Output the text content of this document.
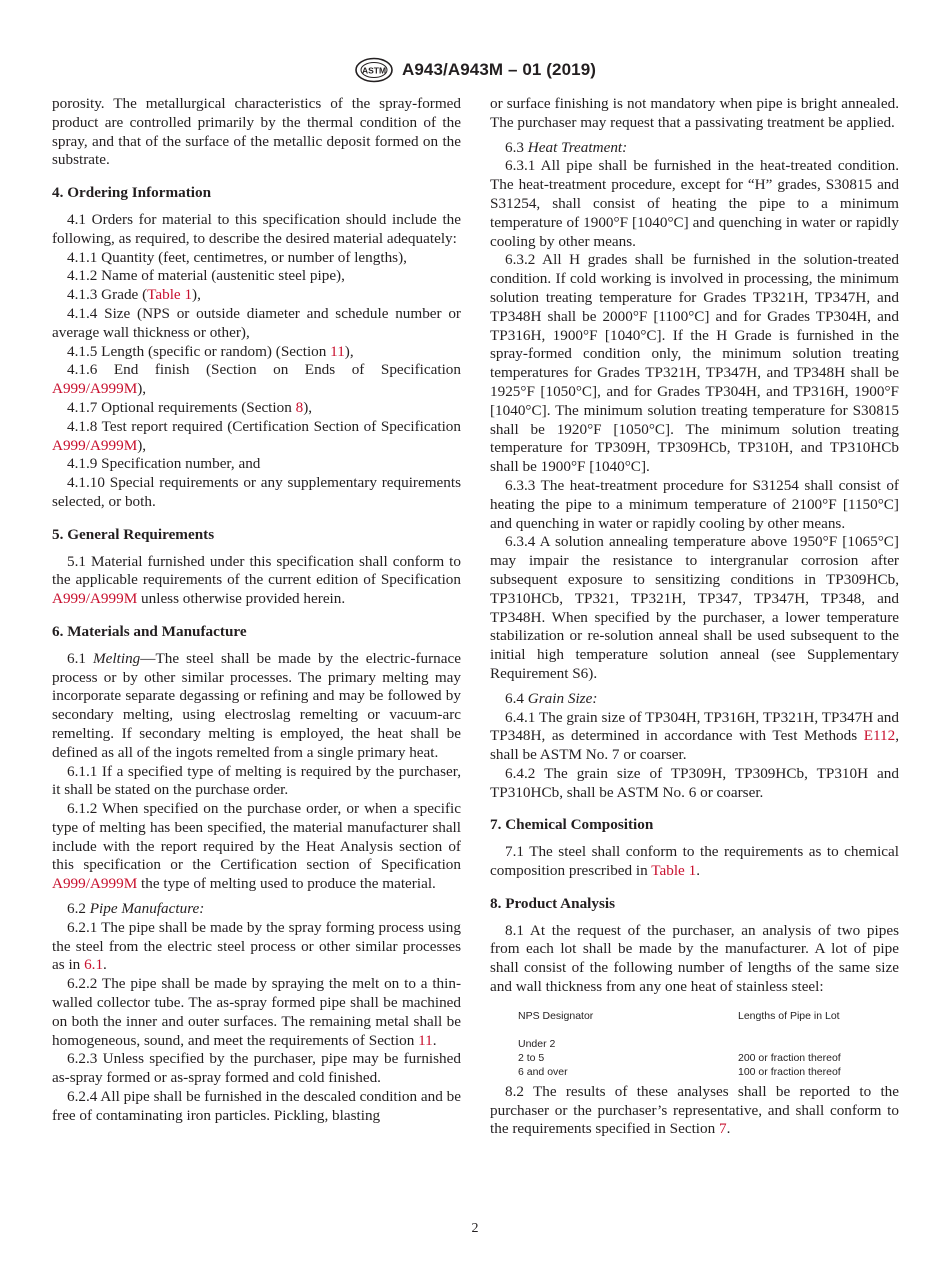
ASTM A943/A943M – 01 (2019)

porosity. The metallurgical characteristics of the spray-formed product are controlled primarily by the thermal condition of the spray, and that of the surface of the metallic deposit formed on the substrate.

4. Ordering Information

4.1 Orders for material to this specification should include the following, as required, to describe the desired material adequately:

4.1.1 Quantity (feet, centimetres, or number of lengths),

4.1.2 Name of material (austenitic steel pipe),

4.1.3 Grade (Table 1),

4.1.4 Size (NPS or outside diameter and schedule number or average wall thickness or other),

4.1.5 Length (specific or random) (Section 11),

4.1.6 End finish (Section on Ends of Specification A999/A999M),

4.1.7 Optional requirements (Section 8),

4.1.8 Test report required (Certification Section of Specification A999/A999M),

4.1.9 Specification number, and

4.1.10 Special requirements or any supplementary requirements selected, or both.

5. General Requirements

5.1 Material furnished under this specification shall conform to the applicable requirements of the current edition of Specification A999/A999M unless otherwise provided herein.

6. Materials and Manufacture

6.1 Melting—The steel shall be made by the electric-furnace process or by other similar processes. The primary melting may incorporate separate degassing or refining and may be followed by secondary melting, using electroslag remelting or vacuum-arc remelting. If secondary melting is employed, the heat shall be defined as all of the ingots remelted from a single primary heat.

6.1.1 If a specified type of melting is required by the purchaser, it shall be stated on the purchase order.

6.1.2 When specified on the purchase order, or when a specific type of melting has been specified, the material manufacturer shall include with the report required by the Heat Analysis section of this specification or the Certification section of Specification A999/A999M the type of melting used to produce the material.

6.2 Pipe Manufacture:

6.2.1 The pipe shall be made by the spray forming process using the steel from the electric steel process or other similar processes as in 6.1.

6.2.2 The pipe shall be made by spraying the melt on to a thin-walled collector tube. The as-spray formed pipe shall be machined on both the inner and outer surfaces. The remaining metal shall be homogeneous, sound, and meet the requirements of Section 11.

6.2.3 Unless specified by the purchaser, pipe may be furnished as-spray formed or as-spray formed and cold finished.

6.2.4 All pipe shall be furnished in the descaled condition and be free of contaminating iron particles. Pickling, blasting

or surface finishing is not mandatory when pipe is bright annealed. The purchaser may request that a passivating treatment be applied.

6.3 Heat Treatment:

6.3.1 All pipe shall be furnished in the heat-treated condition. The heat-treatment procedure, except for “H” grades, S30815 and S31254, shall consist of heating the pipe to a minimum temperature of 1900°F [1040°C] and quenching in water or rapidly cooling by other means.

6.3.2 All H grades shall be furnished in the solution-treated condition. If cold working is involved in processing, the minimum solution treating temperature for Grades TP321H, TP347H, and TP348H shall be 2000°F [1100°C] and for Grades TP304H, and TP316H, 1900°F [1040°C]. If the H Grade is furnished in the spray-formed condition only, the minimum solution treating temperatures for Grades TP321H, TP347H, and TP348H shall be 1925°F [1050°C], and for Grades TP304H, and TP316H, 1900°F [1040°C]. The minimum solution treating temperature for S30815 shall be 1920°F [1050°C]. The minimum solution treating temperature for TP309H, TP309HCb, TP310H, and TP310HCb shall be 1900°F [1040°C].

6.3.3 The heat-treatment procedure for S31254 shall consist of heating the pipe to a minimum temperature of 2100°F [1150°C] and quenching in water or rapidly cooling by other means.

6.3.4 A solution annealing temperature above 1950°F [1065°C] may impair the resistance to intergranular corrosion after subsequent exposure to sensitizing conditions in TP309HCb, TP310HCb, TP321, TP321H, TP347, TP347H, TP348, and TP348H. When specified by the purchaser, a lower temperature stabilization or re-solution anneal shall be used subsequent to the initial high temperature solution anneal (see Supplementary Requirement S6).

6.4 Grain Size:

6.4.1 The grain size of TP304H, TP316H, TP321H, TP347H and TP348H, as determined in accordance with Test Methods E112, shall be ASTM No. 7 or coarser.

6.4.2 The grain size of TP309H, TP309HCb, TP310H and TP310HCb, shall be ASTM No. 6 or coarser.

7. Chemical Composition

7.1 The steel shall conform to the requirements as to chemical composition prescribed in Table 1.

8. Product Analysis

8.1 At the request of the purchaser, an analysis of two pipes from each lot shall be made by the manufacturer. A lot of pipe shall consist of the following number of lengths of the same size and wall thickness from any one heat of stainless steel:

NPS Designator	Lengths of Pipe in Lot

Under 2	
2 to 5	200 or fraction thereof
6 and over	100 or fraction thereof

8.2 The results of these analyses shall be reported to the purchaser or the purchaser’s representative, and shall conform to the requirements specified in Section 7.

2
